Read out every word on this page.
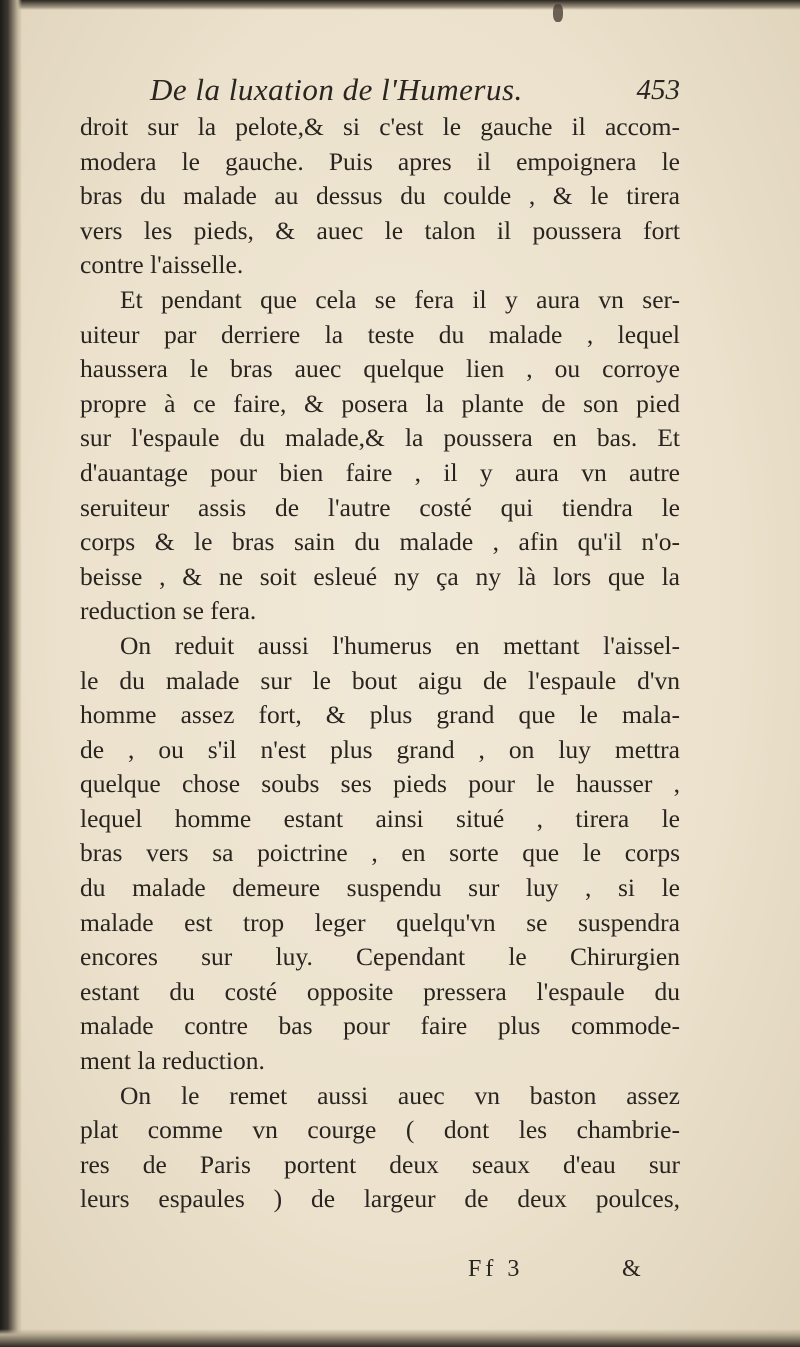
De la luxation de l'Humerus.	453
droit sur la pelote,& si c'est le gauche il accom-
modera le gauche. Puis apres il empoignera le
bras du malade au dessus du coulde , & le tirera
vers les pieds, & auec le talon il poussera fort
contre l'aisselle.
Et pendant que cela se fera il y aura vn ser-
uiteur par derriere la teste du malade , lequel
haussera le bras auec quelque lien , ou corroye
propre à ce faire, & posera la plante de son pied
sur l'espaule du malade,& la poussera en bas. Et
d'auantage pour bien faire , il y aura vn autre
seruiteur assis de l'autre costé qui tiendra le
corps & le bras sain du malade , afin qu'il n'o-
beisse , & ne soit esleué ny ça ny là lors que la
reduction se fera.
On reduit aussi l'humerus en mettant l'aissel-
le du malade sur le bout aigu de l'espaule d'vn
homme assez fort, & plus grand que le mala-
de , ou s'il n'est plus grand , on luy mettra
quelque chose soubs ses pieds pour le hausser ,
lequel homme estant ainsi situé , tirera le
bras vers sa poictrine , en sorte que le corps
du malade demeure suspendu sur luy , si le
malade est trop leger quelqu'vn se suspendra
encores sur luy. Cependant le Chirurgien
estant du costé opposite pressera l'espaule du
malade contre bas pour faire plus commode-
ment la reduction.
On le remet aussi auec vn baston assez
plat comme vn courge ( dont les chambrie-
res de Paris portent deux seaux d'eau sur
leurs espaules ) de largeur de deux poulces,
Ff 3	&
